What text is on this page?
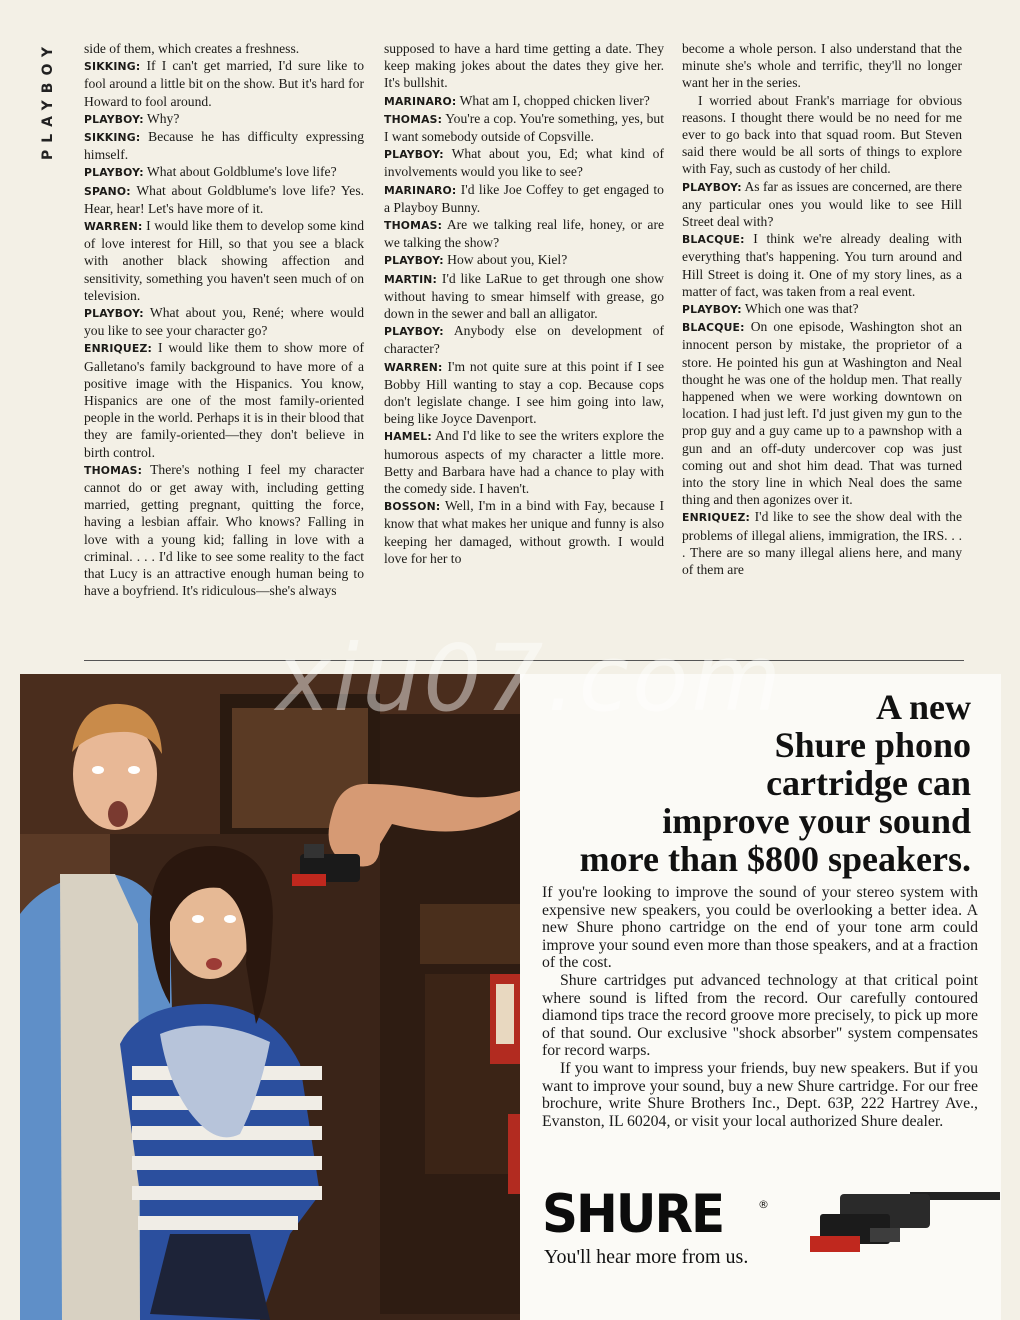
PLAYBOY	side of them, which creates a freshness.

SIKKING: If I can't get married, I'd sure like to fool around a little bit on the show. But it's hard for Howard to fool around.

PLAYBOY: Why?

SIKKING: Because he has difficulty expressing himself.

PLAYBOY: What about Goldblume's love life?

SPANO: What about Goldblume's love life? Yes. Hear, hear! Let's have more of it.

WARREN: I would like them to develop some kind of love interest for Hill, so that you see a black with another black showing affection and sensitivity, something you haven't seen much of on television.

PLAYBOY: What about you, René; where would you like to see your character go?

ENRIQUEZ: I would like them to show more of Galletano's family background to have more of a positive image with the Hispanics. You know, Hispanics are one of the most family-oriented people in the world. Perhaps it is in their blood that they are family-oriented—they don't believe in birth control.

THOMAS: There's nothing I feel my character cannot do or get away with, including getting married, getting pregnant, quitting the force, having a lesbian affair. Who knows? Falling in love with a young kid; falling in love with a criminal. . . . I'd like to see some reality to the fact that Lucy is an attractive enough human being to have a boyfriend. It's ridiculous—she's always

supposed to have a hard time getting a date. They keep making jokes about the dates they give her. It's bullshit.

MARINARO: What am I, chopped chicken liver?

THOMAS: You're a cop. You're something, yes, but I want somebody outside of Copsville.

PLAYBOY: What about you, Ed; what kind of involvements would you like to see?

MARINARO: I'd like Joe Coffey to get engaged to a Playboy Bunny.

THOMAS: Are we talking real life, honey, or are we talking the show?

PLAYBOY: How about you, Kiel?

MARTIN: I'd like LaRue to get through one show without having to smear himself with grease, go down in the sewer and ball an alligator.

PLAYBOY: Anybody else on development of character?

WARREN: I'm not quite sure at this point if I see Bobby Hill wanting to stay a cop. Because cops don't legislate change. I see him going into law, being like Joyce Davenport.

HAMEL: And I'd like to see the writers explore the humorous aspects of my character a little more. Betty and Barbara have had a chance to play with the comedy side. I haven't.

BOSSON: Well, I'm in a bind with Fay, because I know that what makes her unique and funny is also keeping her damaged, without growth. I would love for her to

become a whole person. I also understand that the minute she's whole and terrific, they'll no longer want her in the series.

I worried about Frank's marriage for obvious reasons. I thought there would be no need for me ever to go back into that squad room. But Steven said there would be all sorts of things to explore with Fay, such as custody of her child.

PLAYBOY: As far as issues are concerned, are there any particular ones you would like to see Hill Street deal with?

BLACQUE: I think we're already dealing with everything that's happening. You turn around and Hill Street is doing it. One of my story lines, as a matter of fact, was taken from a real event.

PLAYBOY: Which one was that?

BLACQUE: On one episode, Washington shot an innocent person by mistake, the proprietor of a store. He pointed his gun at Washington and Neal thought he was one of the holdup men. That really happened when we were working downtown on location. I had just left. I'd just given my gun to the prop guy and a guy came up to a pawnshop with a gun and an off-duty undercover cop was just coming out and shot him dead. That was turned into the story line in which Neal does the same thing and then agonizes over it.

ENRIQUEZ: I'd like to see the show deal with the problems of illegal aliens, immigration, the IRS. . . . There are so many illegal aliens here, and many of them are

A new
Shure phono
cartridge can
improve your sound
more than $800 speakers.

If you're looking to improve the sound of your stereo system with expensive new speakers, you could be overlooking a better idea. A new Shure phono cartridge on the end of your tone arm could improve your sound even more than those speakers, and at a fraction of the cost.

Shure cartridges put advanced technology at that critical point where sound is lifted from the record. Our carefully contoured diamond tips trace the record groove more precisely, to pick up more of that sound. Our exclusive "shock absorber" system compensates for record warps.

If you want to impress your friends, buy new speakers. But if you want to improve your sound, buy a new Shure cartridge. For our free brochure, write Shure Brothers Inc., Dept. 63P, 222 Hartrey Ave., Evanston, IL 60204, or visit your local authorized Shure dealer.

SHURE	®
You'll hear more from us.
xiu07.com
